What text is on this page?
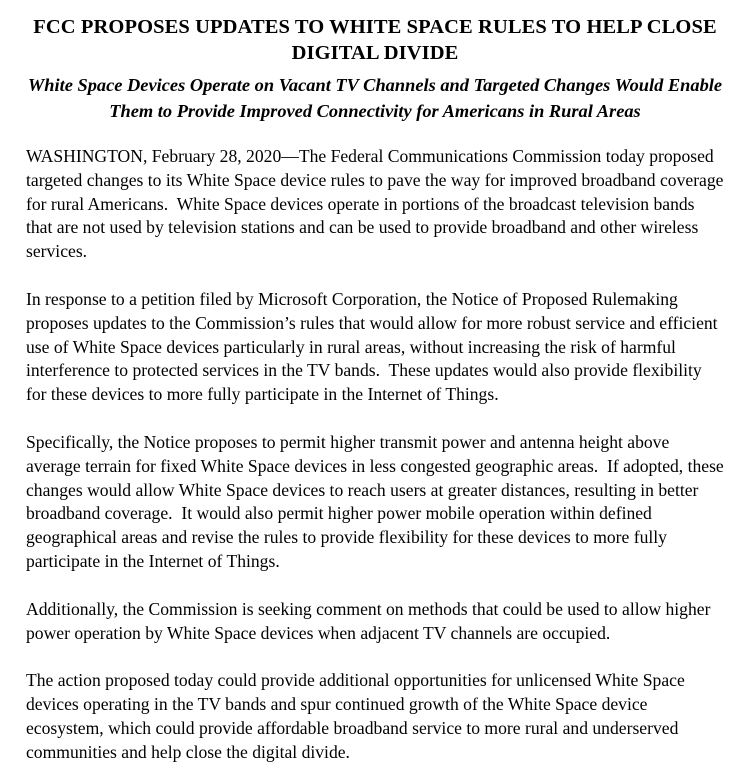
FCC PROPOSES UPDATES TO WHITE SPACE RULES TO HELP CLOSE DIGITAL DIVIDE
White Space Devices Operate on Vacant TV Channels and Targeted Changes Would Enable Them to Provide Improved Connectivity for Americans in Rural Areas

WASHINGTON, February 28, 2020—The Federal Communications Commission today proposed targeted changes to its White Space device rules to pave the way for improved broadband coverage for rural Americans.  White Space devices operate in portions of the broadcast television bands that are not used by television stations and can be used to provide broadband and other wireless services.

In response to a petition filed by Microsoft Corporation, the Notice of Proposed Rulemaking proposes updates to the Commission’s rules that would allow for more robust service and efficient use of White Space devices particularly in rural areas, without increasing the risk of harmful interference to protected services in the TV bands.  These updates would also provide flexibility for these devices to more fully participate in the Internet of Things.

Specifically, the Notice proposes to permit higher transmit power and antenna height above average terrain for fixed White Space devices in less congested geographic areas.  If adopted, these changes would allow White Space devices to reach users at greater distances, resulting in better broadband coverage.  It would also permit higher power mobile operation within defined geographical areas and revise the rules to provide flexibility for these devices to more fully participate in the Internet of Things.

Additionally, the Commission is seeking comment on methods that could be used to allow higher power operation by White Space devices when adjacent TV channels are occupied.

The action proposed today could provide additional opportunities for unlicensed White Space devices operating in the TV bands and spur continued growth of the White Space device ecosystem, which could provide affordable broadband service to more rural and underserved communities and help close the digital divide.
